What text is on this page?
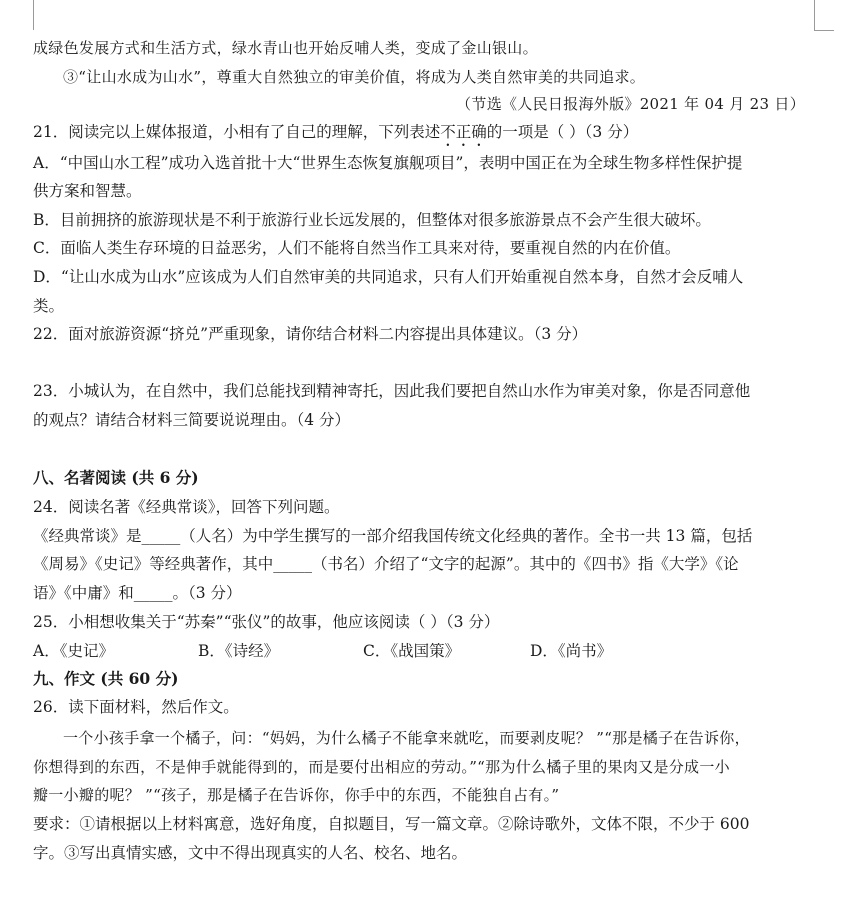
成绿色发展方式和生活方式，绿水青山也开始反哺人类，变成了金山银山。
③“让山水成为山水”，尊重大自然独立的审美价值，将成为人类自然审美的共同追求。
（节选《人民日报海外版》2021 年 04 月 23 日）
21．阅读完以上媒体报道，小相有了自己的理解，下列表述不正确的一项是（ ）（3 分）
A．“中国山水工程”成功入选首批十大“世界生态恢复旗舰项目”，表明中国正在为全球生物多样性保护提
供方案和智慧。
B．目前拥挤的旅游现状是不利于旅游行业长远发展的，但整体对很多旅游景点不会产生很大破坏。
C．面临人类生存环境的日益恶劣，人们不能将自然当作工具来对待，要重视自然的内在价值。
D．“让山水成为山水”应该成为人们自然审美的共同追求，只有人们开始重视自然本身，自然才会反哺人
类。
22．面对旅游资源“挤兑”严重现象，请你结合材料二内容提出具体建议。（3 分）
23．小城认为，在自然中，我们总能找到精神寄托，因此我们要把自然山水作为审美对象，你是否同意他
的观点？请结合材料三简要说说理由。（4 分）
八、名著阅读 (共 6 分)
24．阅读名著《经典常谈》，回答下列问题。
《经典常谈》是_____（人名）为中学生撰写的一部介绍我国传统文化经典的著作。全书一共 13 篇，包括
《周易》《史记》等经典著作，其中_____（书名）介绍了“文字的起源”。其中的《四书》指《大学》《论
语》《中庸》和_____。（3 分）
25．小相想收集关于“苏秦”“张仪”的故事，他应该阅读（ ）（3 分）
A．《史记》	B．《诗经》	C．《战国策》	D．《尚书》
九、作文 (共 60 分)
26．读下面材料，然后作文。
一个小孩手拿一个橘子，问：“妈妈，为什么橘子不能拿来就吃，而要剥皮呢？ ”“那是橘子在告诉你，
你想得到的东西，不是伸手就能得到的，而是要付出相应的劳动。”“那为什么橘子里的果肉又是分成一小
瓣一小瓣的呢？ ”“孩子，那是橘子在告诉你，你手中的东西，不能独自占有。”
要求：①请根据以上材料寓意，选好角度，自拟题目，写一篇文章。②除诗歌外，文体不限，不少于 600
字。③写出真情实感，文中不得出现真实的人名、校名、地名。
